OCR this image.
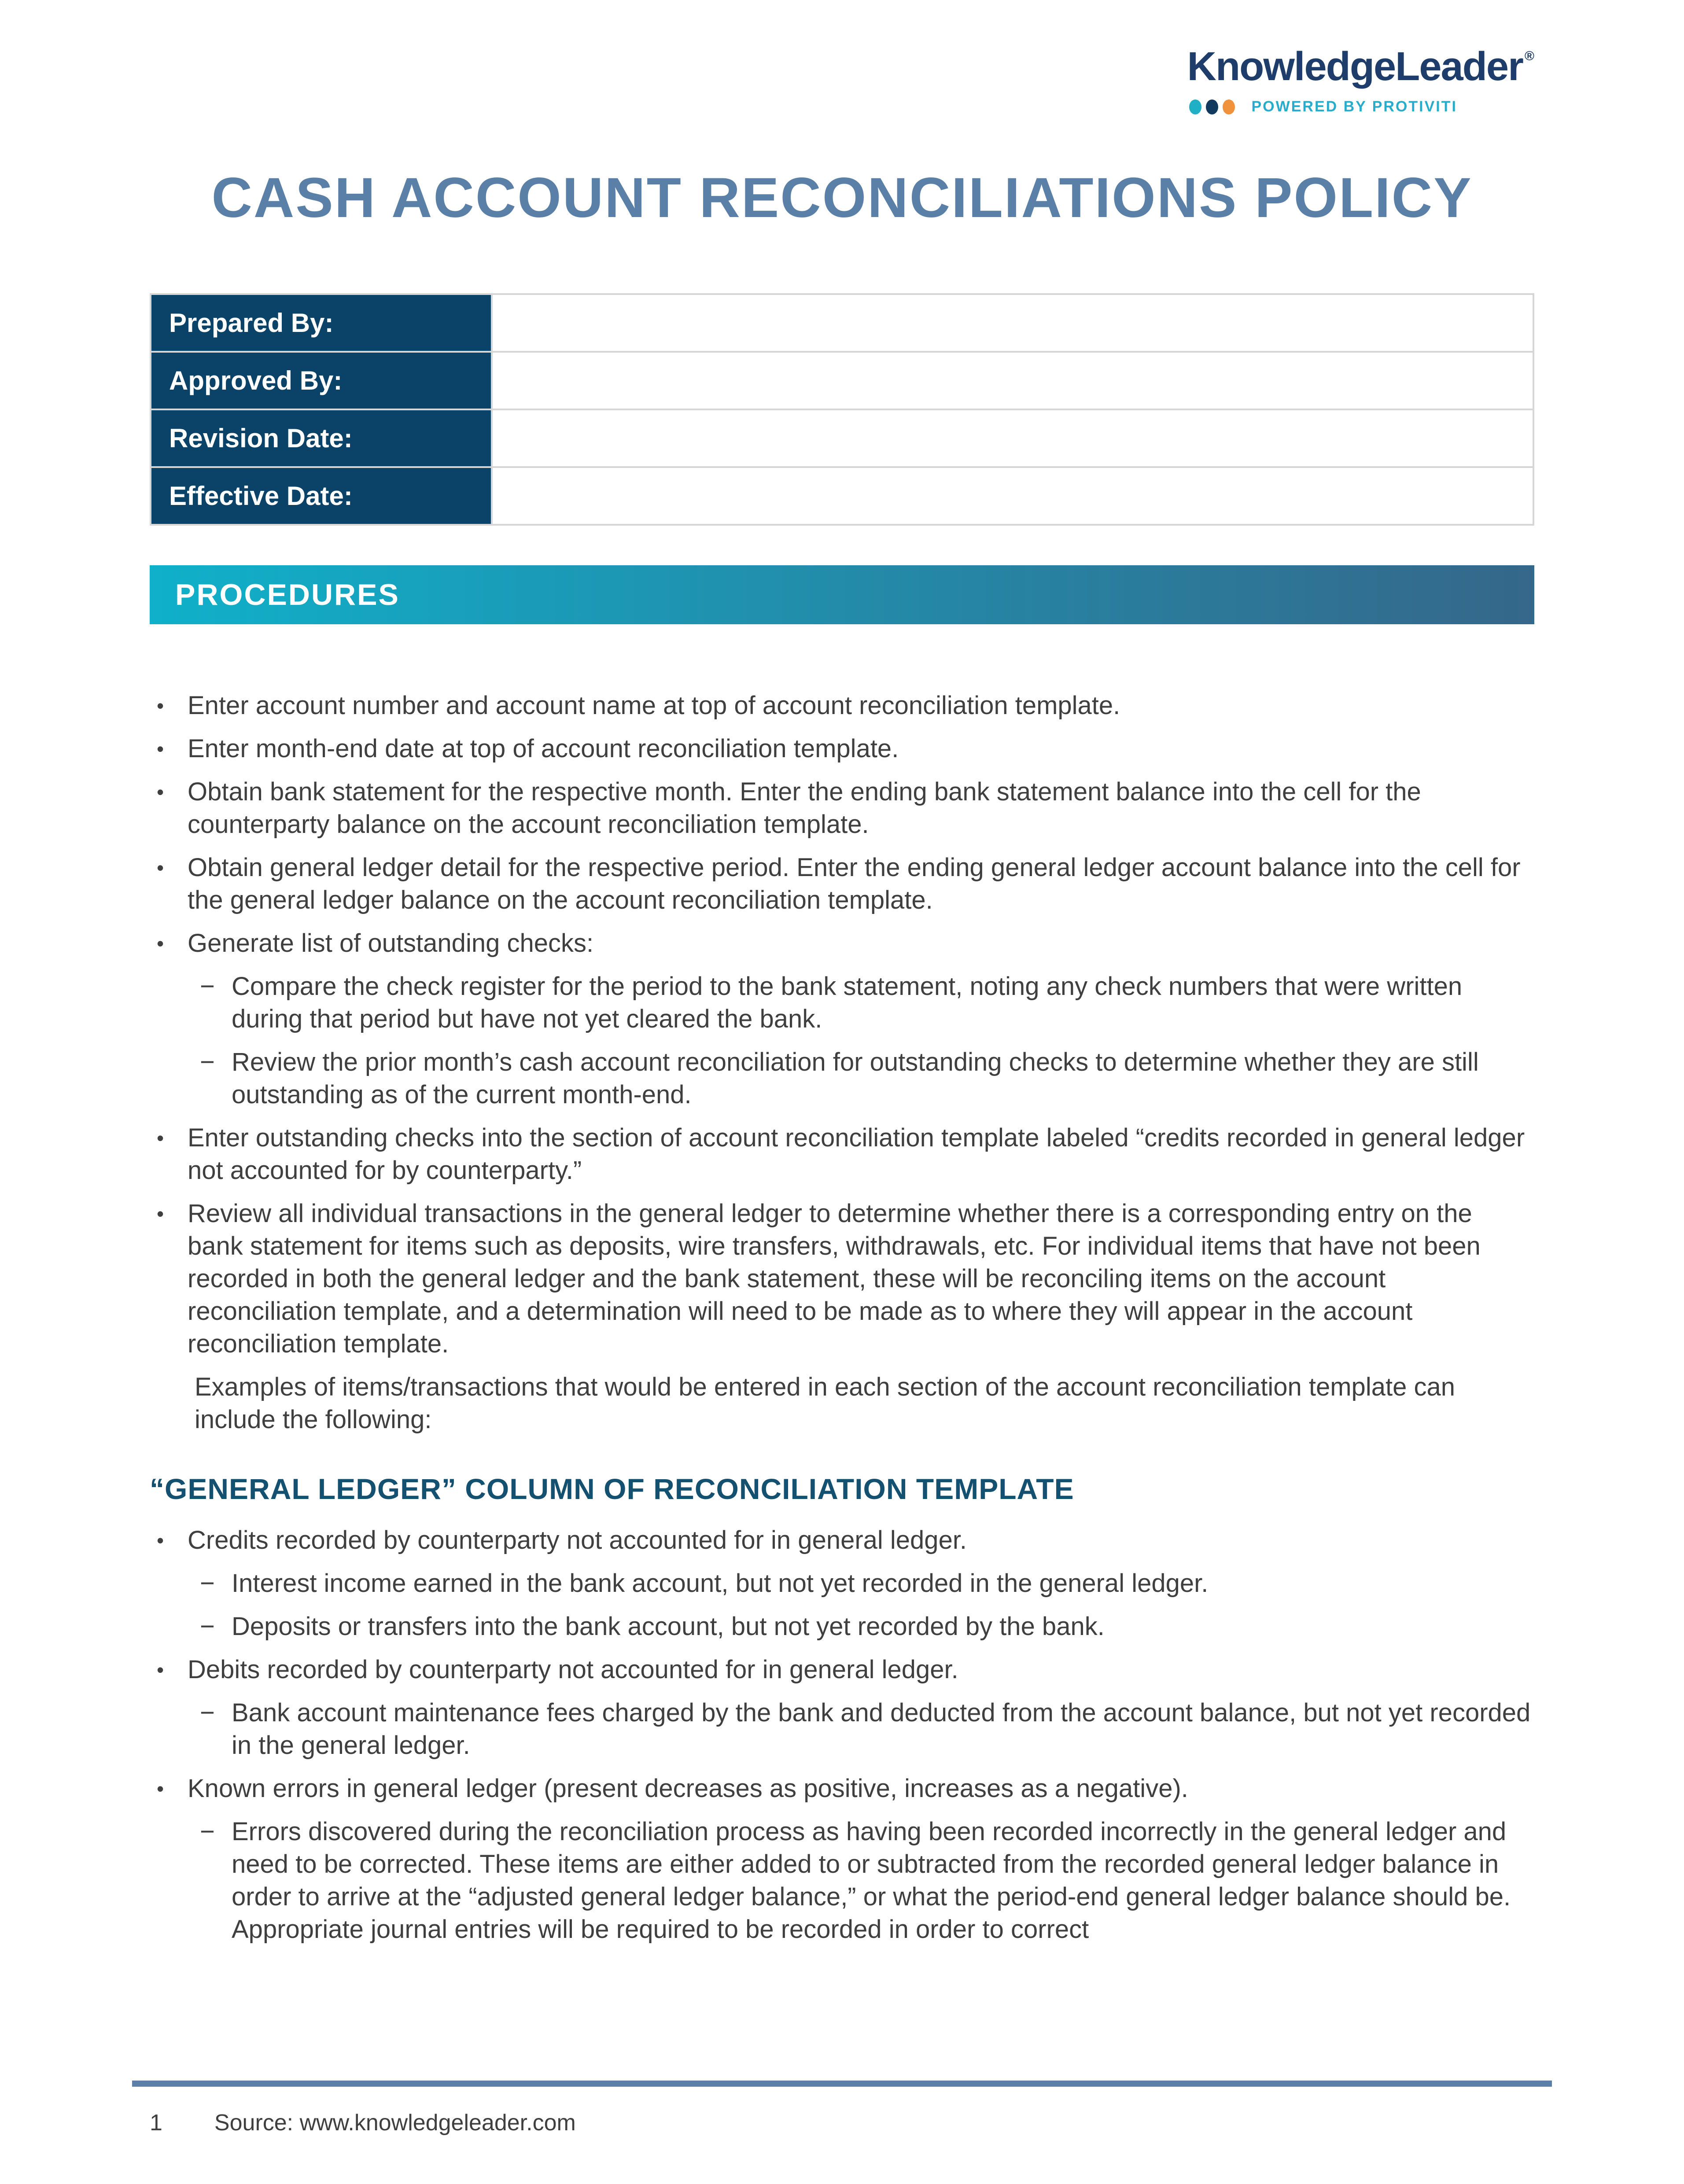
KnowledgeLeader ®
POWERED BY PROTIVITI
CASH ACCOUNT RECONCILIATIONS POLICY
Prepared By:	
Approved By:	
Revision Date:	
Effective Date:	
PROCEDURES
• Enter account number and account name at top of account reconciliation template.
• Enter month-end date at top of account reconciliation template.
• Obtain bank statement for the respective month. Enter the ending bank statement balance into the cell for the counterparty balance on the account reconciliation template.
• Obtain general ledger detail for the respective period. Enter the ending general ledger account balance into the cell for the general ledger balance on the account reconciliation template.
• Generate list of outstanding checks:
− Compare the check register for the period to the bank statement, noting any check numbers that were written during that period but have not yet cleared the bank.
− Review the prior month’s cash account reconciliation for outstanding checks to determine whether they are still outstanding as of the current month-end.
• Enter outstanding checks into the section of account reconciliation template labeled “credits recorded in general ledger not accounted for by counterparty.”
• Review all individual transactions in the general ledger to determine whether there is a corresponding entry on the bank statement for items such as deposits, wire transfers, withdrawals, etc. For individual items that have not been recorded in both the general ledger and the bank statement, these will be reconciling items on the account reconciliation template, and a determination will need to be made as to where they will appear in the account reconciliation template.
Examples of items/transactions that would be entered in each section of the account reconciliation template can include the following:
“GENERAL LEDGER” COLUMN OF RECONCILIATION TEMPLATE
• Credits recorded by counterparty not accounted for in general ledger.
− Interest income earned in the bank account, but not yet recorded in the general ledger.
− Deposits or transfers into the bank account, but not yet recorded by the bank.
• Debits recorded by counterparty not accounted for in general ledger.
− Bank account maintenance fees charged by the bank and deducted from the account balance, but not yet recorded in the general ledger.
• Known errors in general ledger (present decreases as positive, increases as a negative).
− Errors discovered during the reconciliation process as having been recorded incorrectly in the general ledger and need to be corrected. These items are either added to or subtracted from the recorded general ledger balance in order to arrive at the “adjusted general ledger balance,” or what the period-end general ledger balance should be. Appropriate journal entries will be required to be recorded in order to correct
1 Source: www.knowledgeleader.com
